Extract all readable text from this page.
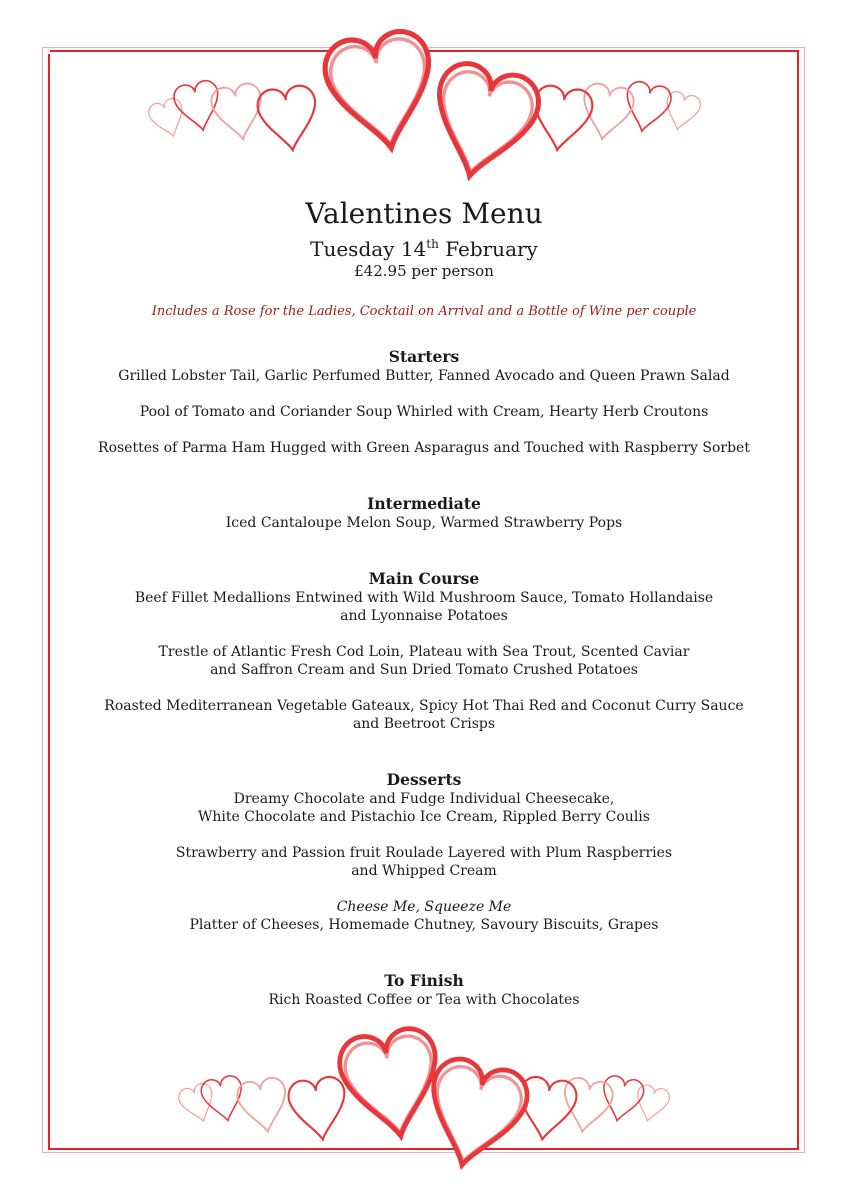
Valentines Menu

Tuesday 14th February

£42.95 per person

Includes a Rose for the Ladies, Cocktail on Arrival and a Bottle of Wine per couple

Starters

Grilled Lobster Tail, Garlic Perfumed Butter, Fanned Avocado and Queen Prawn Salad

Pool of Tomato and Coriander Soup Whirled with Cream, Hearty Herb Croutons

Rosettes of Parma Ham Hugged with Green Asparagus and Touched with Raspberry Sorbet

Intermediate

Iced Cantaloupe Melon Soup, Warmed Strawberry Pops

Main Course

Beef Fillet Medallions Entwined with Wild Mushroom Sauce, Tomato Hollandaise
and Lyonnaise Potatoes

Trestle of Atlantic Fresh Cod Loin, Plateau with Sea Trout, Scented Caviar
and Saffron Cream and Sun Dried Tomato Crushed Potatoes

Roasted Mediterranean Vegetable Gateaux, Spicy Hot Thai Red and Coconut Curry Sauce
and Beetroot Crisps

Desserts

Dreamy Chocolate and Fudge Individual Cheesecake,
White Chocolate and Pistachio Ice Cream, Rippled Berry Coulis

Strawberry and Passion fruit Roulade Layered with Plum Raspberries
and Whipped Cream

Cheese Me, Squeeze Me
Platter of Cheeses, Homemade Chutney, Savoury Biscuits, Grapes

To Finish

Rich Roasted Coffee or Tea with Chocolates
